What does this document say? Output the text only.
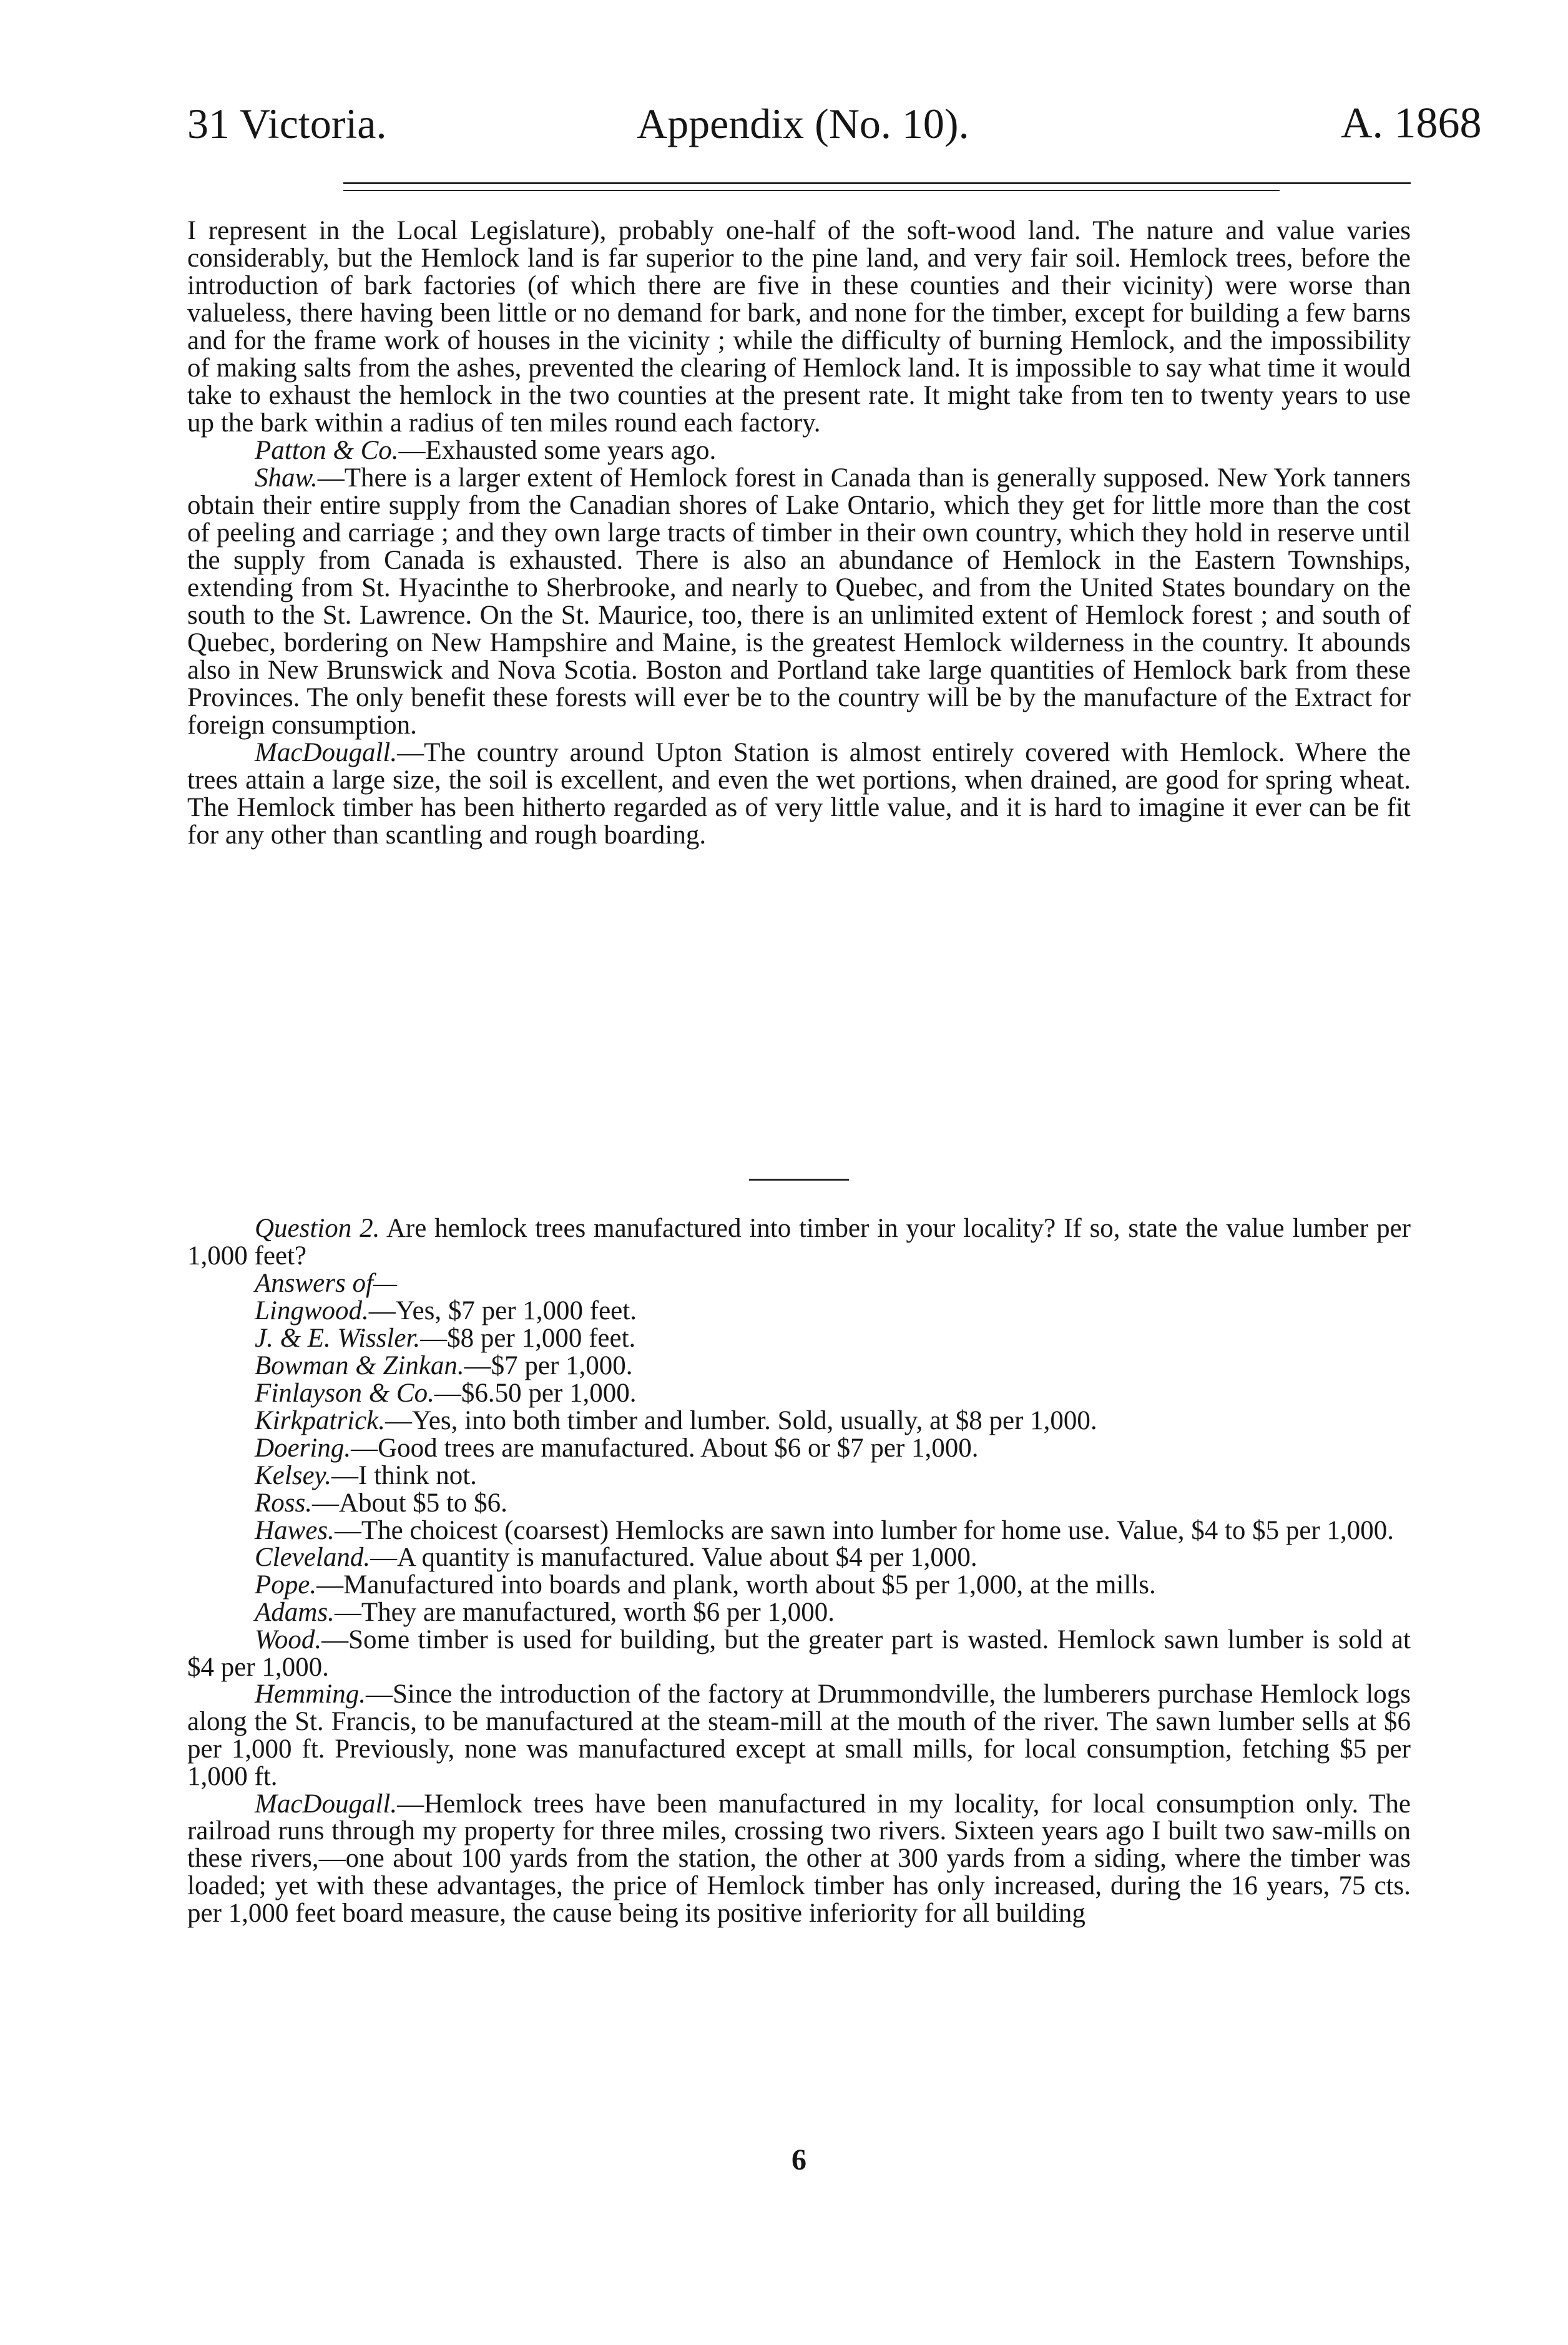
31 Victoria.	Appendix (No. 10).	A. 1868

I represent in the Local Legislature), probably one-half of the soft-wood land. The nature and value varies considerably, but the Hemlock land is far superior to the pine land, and very fair soil. Hemlock trees, before the introduction of bark factories (of which there are five in these counties and their vicinity) were worse than valueless, there having been little or no demand for bark, and none for the timber, except for building a few barns and for the frame work of houses in the vicinity ; while the difficulty of burning Hemlock, and the impossibility of making salts from the ashes, prevented the clearing of Hemlock land. It is impossible to say what time it would take to exhaust the hemlock in the two counties at the present rate. It might take from ten to twenty years to use up the bark within a radius of ten miles round each factory.

Patton & Co.—Exhausted some years ago.

Shaw.—There is a larger extent of Hemlock forest in Canada than is generally supposed. New York tanners obtain their entire supply from the Canadian shores of Lake Ontario, which they get for little more than the cost of peeling and carriage ; and they own large tracts of timber in their own country, which they hold in reserve until the supply from Canada is exhausted. There is also an abundance of Hemlock in the Eastern Townships, extending from St. Hyacinthe to Sherbrooke, and nearly to Quebec, and from the United States boundary on the south to the St. Lawrence. On the St. Maurice, too, there is an unlimited extent of Hemlock forest ; and south of Quebec, bordering on New Hampshire and Maine, is the greatest Hemlock wilderness in the country. It abounds also in New Brunswick and Nova Scotia. Boston and Portland take large quantities of Hemlock bark from these Provinces. The only benefit these forests will ever be to the country will be by the manufacture of the Extract for foreign consumption.

MacDougall.—The country around Upton Station is almost entirely covered with Hemlock. Where the trees attain a large size, the soil is excellent, and even the wet portions, when drained, are good for spring wheat. The Hemlock timber has been hitherto regarded as of very little value, and it is hard to imagine it ever can be fit for any other than scantling and rough boarding.

Question 2. Are hemlock trees manufactured into timber in your locality? If so, state the value lumber per 1,000 feet?

Answers of—
Lingwood.—Yes, $7 per 1,000 feet.
J. & E. Wissler.—$8 per 1,000 feet.
Bowman & Zinkan.—$7 per 1,000.
Finlayson & Co.—$6.50 per 1,000.
Kirkpatrick.—Yes, into both timber and lumber. Sold, usually, at $8 per 1,000.
Doering.—Good trees are manufactured. About $6 or $7 per 1,000.
Kelsey.—I think not.
Ross.—About $5 to $6.

Hawes.—The choicest (coarsest) Hemlocks are sawn into lumber for home use. Value, $4 to $5 per 1,000.

Cleveland.—A quantity is manufactured. Value about $4 per 1,000.

Pope.—Manufactured into boards and plank, worth about $5 per 1,000, at the mills.

Adams.—They are manufactured, worth $6 per 1,000.

Wood.—Some timber is used for building, but the greater part is wasted. Hemlock sawn lumber is sold at $4 per 1,000.

Hemming.—Since the introduction of the factory at Drummondville, the lumberers purchase Hemlock logs along the St. Francis, to be manufactured at the steam-mill at the mouth of the river. The sawn lumber sells at $6 per 1,000 ft. Previously, none was manufactured except at small mills, for local consumption, fetching $5 per 1,000 ft.

MacDougall.—Hemlock trees have been manufactured in my locality, for local consumption only. The railroad runs through my property for three miles, crossing two rivers. Sixteen years ago I built two saw-mills on these rivers,—one about 100 yards from the station, the other at 300 yards from a siding, where the timber was loaded; yet with these advantages, the price of Hemlock timber has only increased, during the 16 years, 75 cts. per 1,000 feet board measure, the cause being its positive inferiority for all building

6
